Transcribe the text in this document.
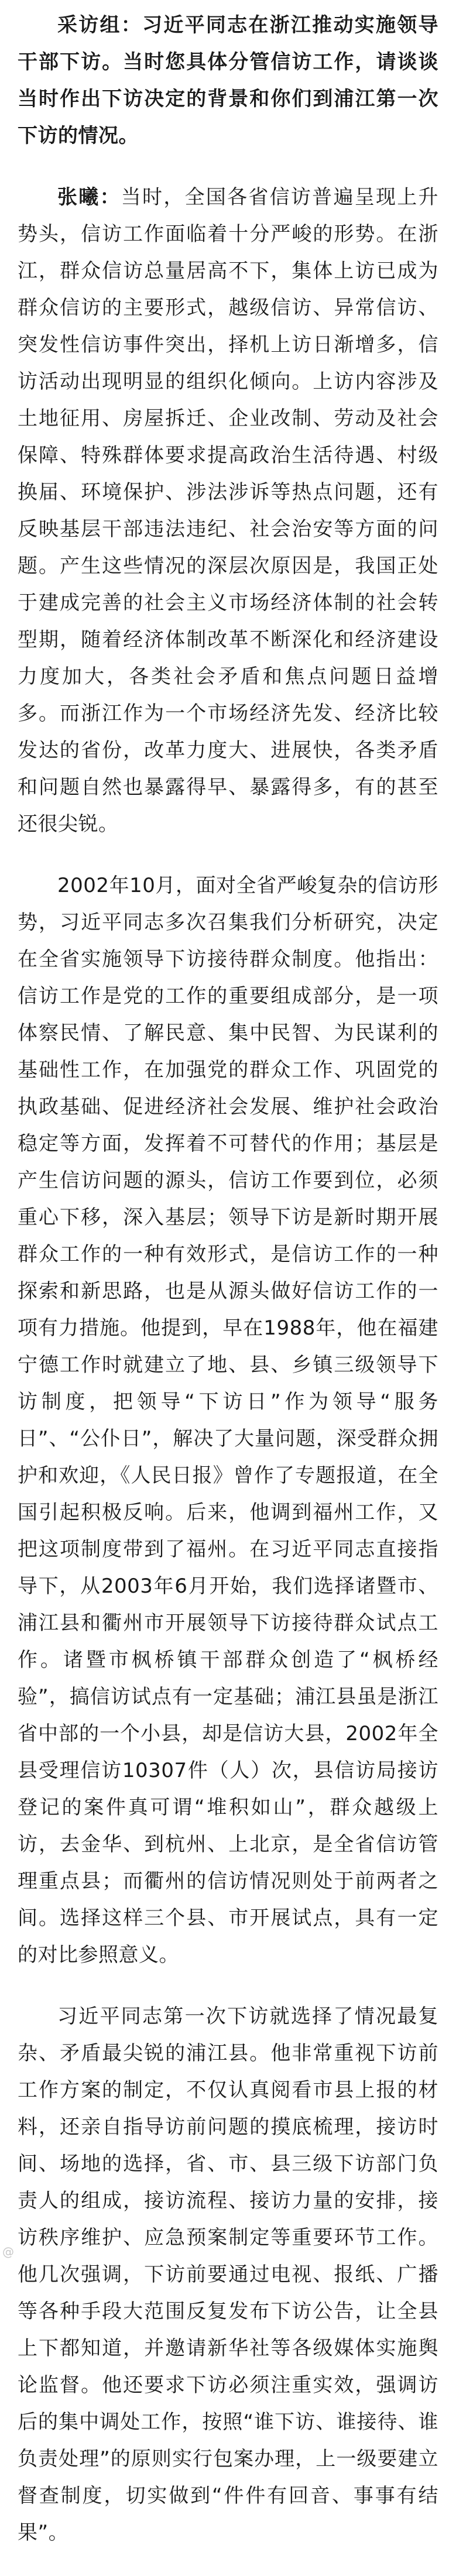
采访组：习近平同志在浙江推动实施领导干部下访。当时您具体分管信访工作，请谈谈当时作出下访决定的背景和你们到浦江第一次下访的情况。

张曦：当时，全国各省信访普遍呈现上升势头，信访工作面临着十分严峻的形势。在浙江，群众信访总量居高不下，集体上访已成为群众信访的主要形式，越级信访、异常信访、突发性信访事件突出，择机上访日渐增多，信访活动出现明显的组织化倾向。上访内容涉及土地征用、房屋拆迁、企业改制、劳动及社会保障、特殊群体要求提高政治生活待遇、村级换届、环境保护、涉法涉诉等热点问题，还有反映基层干部违法违纪、社会治安等方面的问题。产生这些情况的深层次原因是，我国正处于建成完善的社会主义市场经济体制的社会转型期，随着经济体制改革不断深化和经济建设力度加大，各类社会矛盾和焦点问题日益增多。而浙江作为一个市场经济先发、经济比较发达的省份，改革力度大、进展快，各类矛盾和问题自然也暴露得早、暴露得多，有的甚至还很尖锐。

2002年10月，面对全省严峻复杂的信访形势，习近平同志多次召集我们分析研究，决定在全省实施领导下访接待群众制度。他指出：信访工作是党的工作的重要组成部分，是一项体察民情、了解民意、集中民智、为民谋利的基础性工作，在加强党的群众工作、巩固党的执政基础、促进经济社会发展、维护社会政治稳定等方面，发挥着不可替代的作用；基层是产生信访问题的源头，信访工作要到位，必须重心下移，深入基层；领导下访是新时期开展群众工作的一种有效形式，是信访工作的一种探索和新思路，也是从源头做好信访工作的一项有力措施。他提到，早在1988年，他在福建宁德工作时就建立了地、县、乡镇三级领导下访制度，把领导“下访日”作为领导“服务日”、“公仆日”，解决了大量问题，深受群众拥护和欢迎，《人民日报》曾作了专题报道，在全国引起积极反响。后来，他调到福州工作，又把这项制度带到了福州。在习近平同志直接指导下，从2003年6月开始，我们选择诸暨市、浦江县和衢州市开展领导下访接待群众试点工作。诸暨市枫桥镇干部群众创造了“枫桥经验”，搞信访试点有一定基础；浦江县虽是浙江省中部的一个小县，却是信访大县，2002年全县受理信访10307件（人）次，县信访局接访登记的案件真可谓“堆积如山”，群众越级上访，去金华、到杭州、上北京，是全省信访管理重点县；而衢州的信访情况则处于前两者之间。选择这样三个县、市开展试点，具有一定的对比参照意义。

习近平同志第一次下访就选择了情况最复杂、矛盾最尖锐的浦江县。他非常重视下访前工作方案的制定，不仅认真阅看市县上报的材料，还亲自指导访前问题的摸底梳理，接访时间、场地的选择，省、市、县三级下访部门负责人的组成，接访流程、接访力量的安排，接访秩序维护、应急预案制定等重要环节工作。他几次强调，下访前要通过电视、报纸、广播等各种手段大范围反复发布下访公告，让全县上下都知道，并邀请新华社等各级媒体实施舆论监督。他还要求下访必须注重实效，强调访后的集中调处工作，按照“谁下访、谁接待、谁负责处理”的原则实行包案办理，上一级要建立督查制度，切实做到“件件有回音、事事有结果”。

@
